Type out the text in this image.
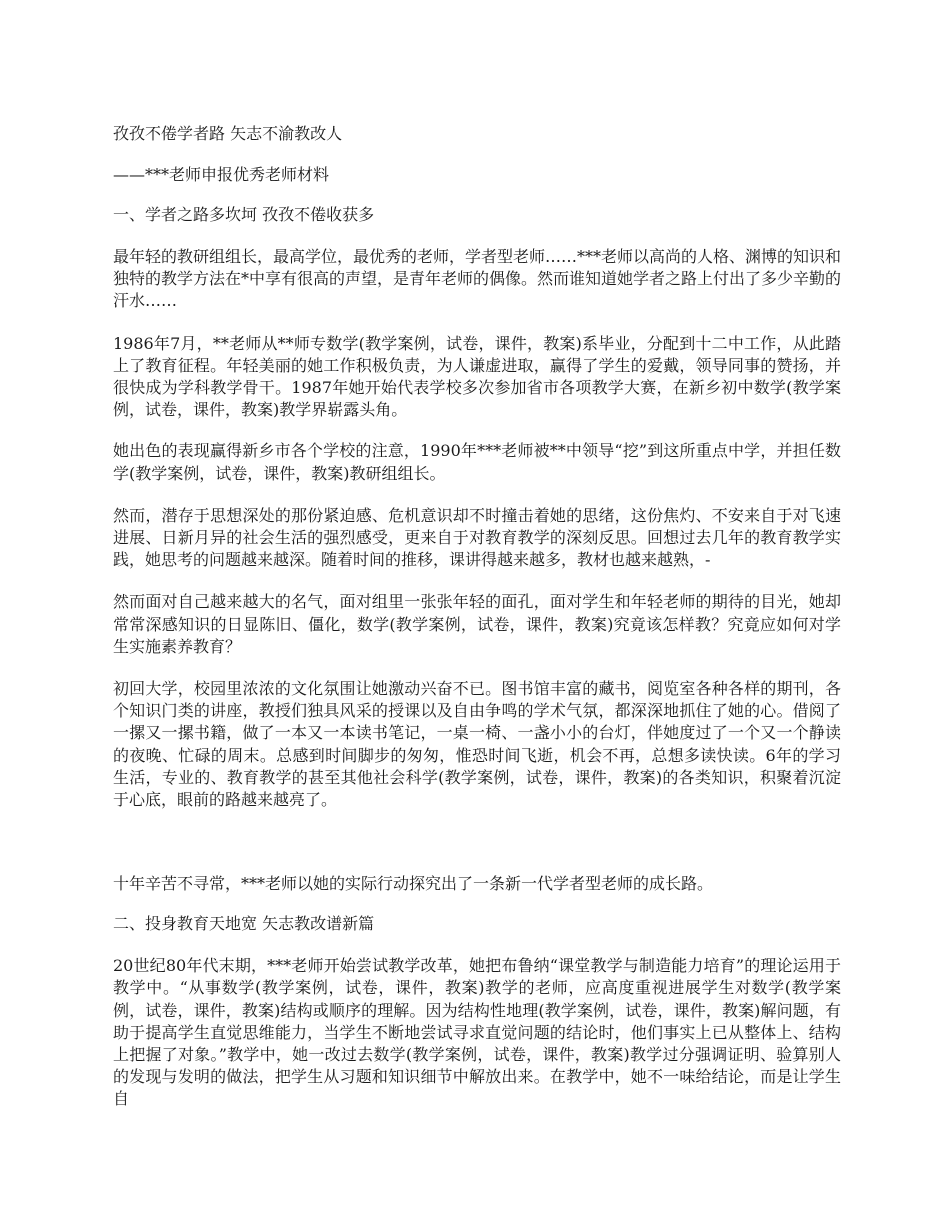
孜孜不倦学者路 矢志不渝教改人

——***老师申报优秀老师材料

一、学者之路多坎坷 孜孜不倦收获多

最年轻的教研组组长，最高学位，最优秀的老师，学者型老师……***老师以高尚的人格、渊博的知识和独特的教学方法在*中享有很高的声望，是青年老师的偶像。然而谁知道她学者之路上付出了多少辛勤的汗水……

1986年7月，**老师从**师专数学(教学案例，试卷，课件，教案)系毕业，分配到十二中工作，从此踏上了教育征程。年轻美丽的她工作积极负责，为人谦虚进取，赢得了学生的爱戴，领导同事的赞扬，并很快成为学科教学骨干。1987年她开始代表学校多次参加省市各项教学大赛，在新乡初中数学(教学案例，试卷，课件，教案)教学界崭露头角。

她出色的表现赢得新乡市各个学校的注意，1990年***老师被**中领导“挖”到这所重点中学，并担任数学(教学案例，试卷，课件，教案)教研组组长。

然而，潜存于思想深处的那份紧迫感、危机意识却不时撞击着她的思绪，这份焦灼、不安来自于对飞速进展、日新月异的社会生活的强烈感受，更来自于对教育教学的深刻反思。回想过去几年的教育教学实践，她思考的问题越来越深。随着时间的推移，课讲得越来越多，教材也越来越熟，-

然而面对自己越来越大的名气，面对组里一张张年轻的面孔，面对学生和年轻老师的期待的目光，她却常常深感知识的日显陈旧、僵化，数学(教学案例，试卷，课件，教案)究竟该怎样教？究竟应如何对学生实施素养教育？

初回大学，校园里浓浓的文化氛围让她激动兴奋不已。图书馆丰富的藏书，阅览室各种各样的期刊，各个知识门类的讲座，教授们独具风采的授课以及自由争鸣的学术气氛，都深深地抓住了她的心。借阅了一摞又一摞书籍，做了一本又一本读书笔记，一桌一椅、一盏小小的台灯，伴她度过了一个又一个静读的夜晚、忙碌的周末。总感到时间脚步的匆匆，惟恐时间飞逝，机会不再，总想多读快读。6年的学习生活，专业的、教育教学的甚至其他社会科学(教学案例，试卷，课件，教案)的各类知识，积聚着沉淀于心底，眼前的路越来越亮了。

十年辛苦不寻常，***老师以她的实际行动探究出了一条新一代学者型老师的成长路。

二、投身教育天地宽 矢志教改谱新篇

20世纪80年代末期，***老师开始尝试教学改革，她把布鲁纳“课堂教学与制造能力培育”的理论运用于教学中。“从事数学(教学案例，试卷，课件，教案)教学的老师，应高度重视进展学生对数学(教学案例，试卷，课件，教案)结构或顺序的理解。因为结构性地理(教学案例，试卷，课件，教案)解问题，有助于提高学生直觉思维能力，当学生不断地尝试寻求直觉问题的结论时，他们事实上已从整体上、结构上把握了对象。”教学中，她一改过去数学(教学案例，试卷，课件，教案)教学过分强调证明、验算别人的发现与发明的做法，把学生从习题和知识细节中解放出来。在教学中，她不一味给结论，而是让学生自
